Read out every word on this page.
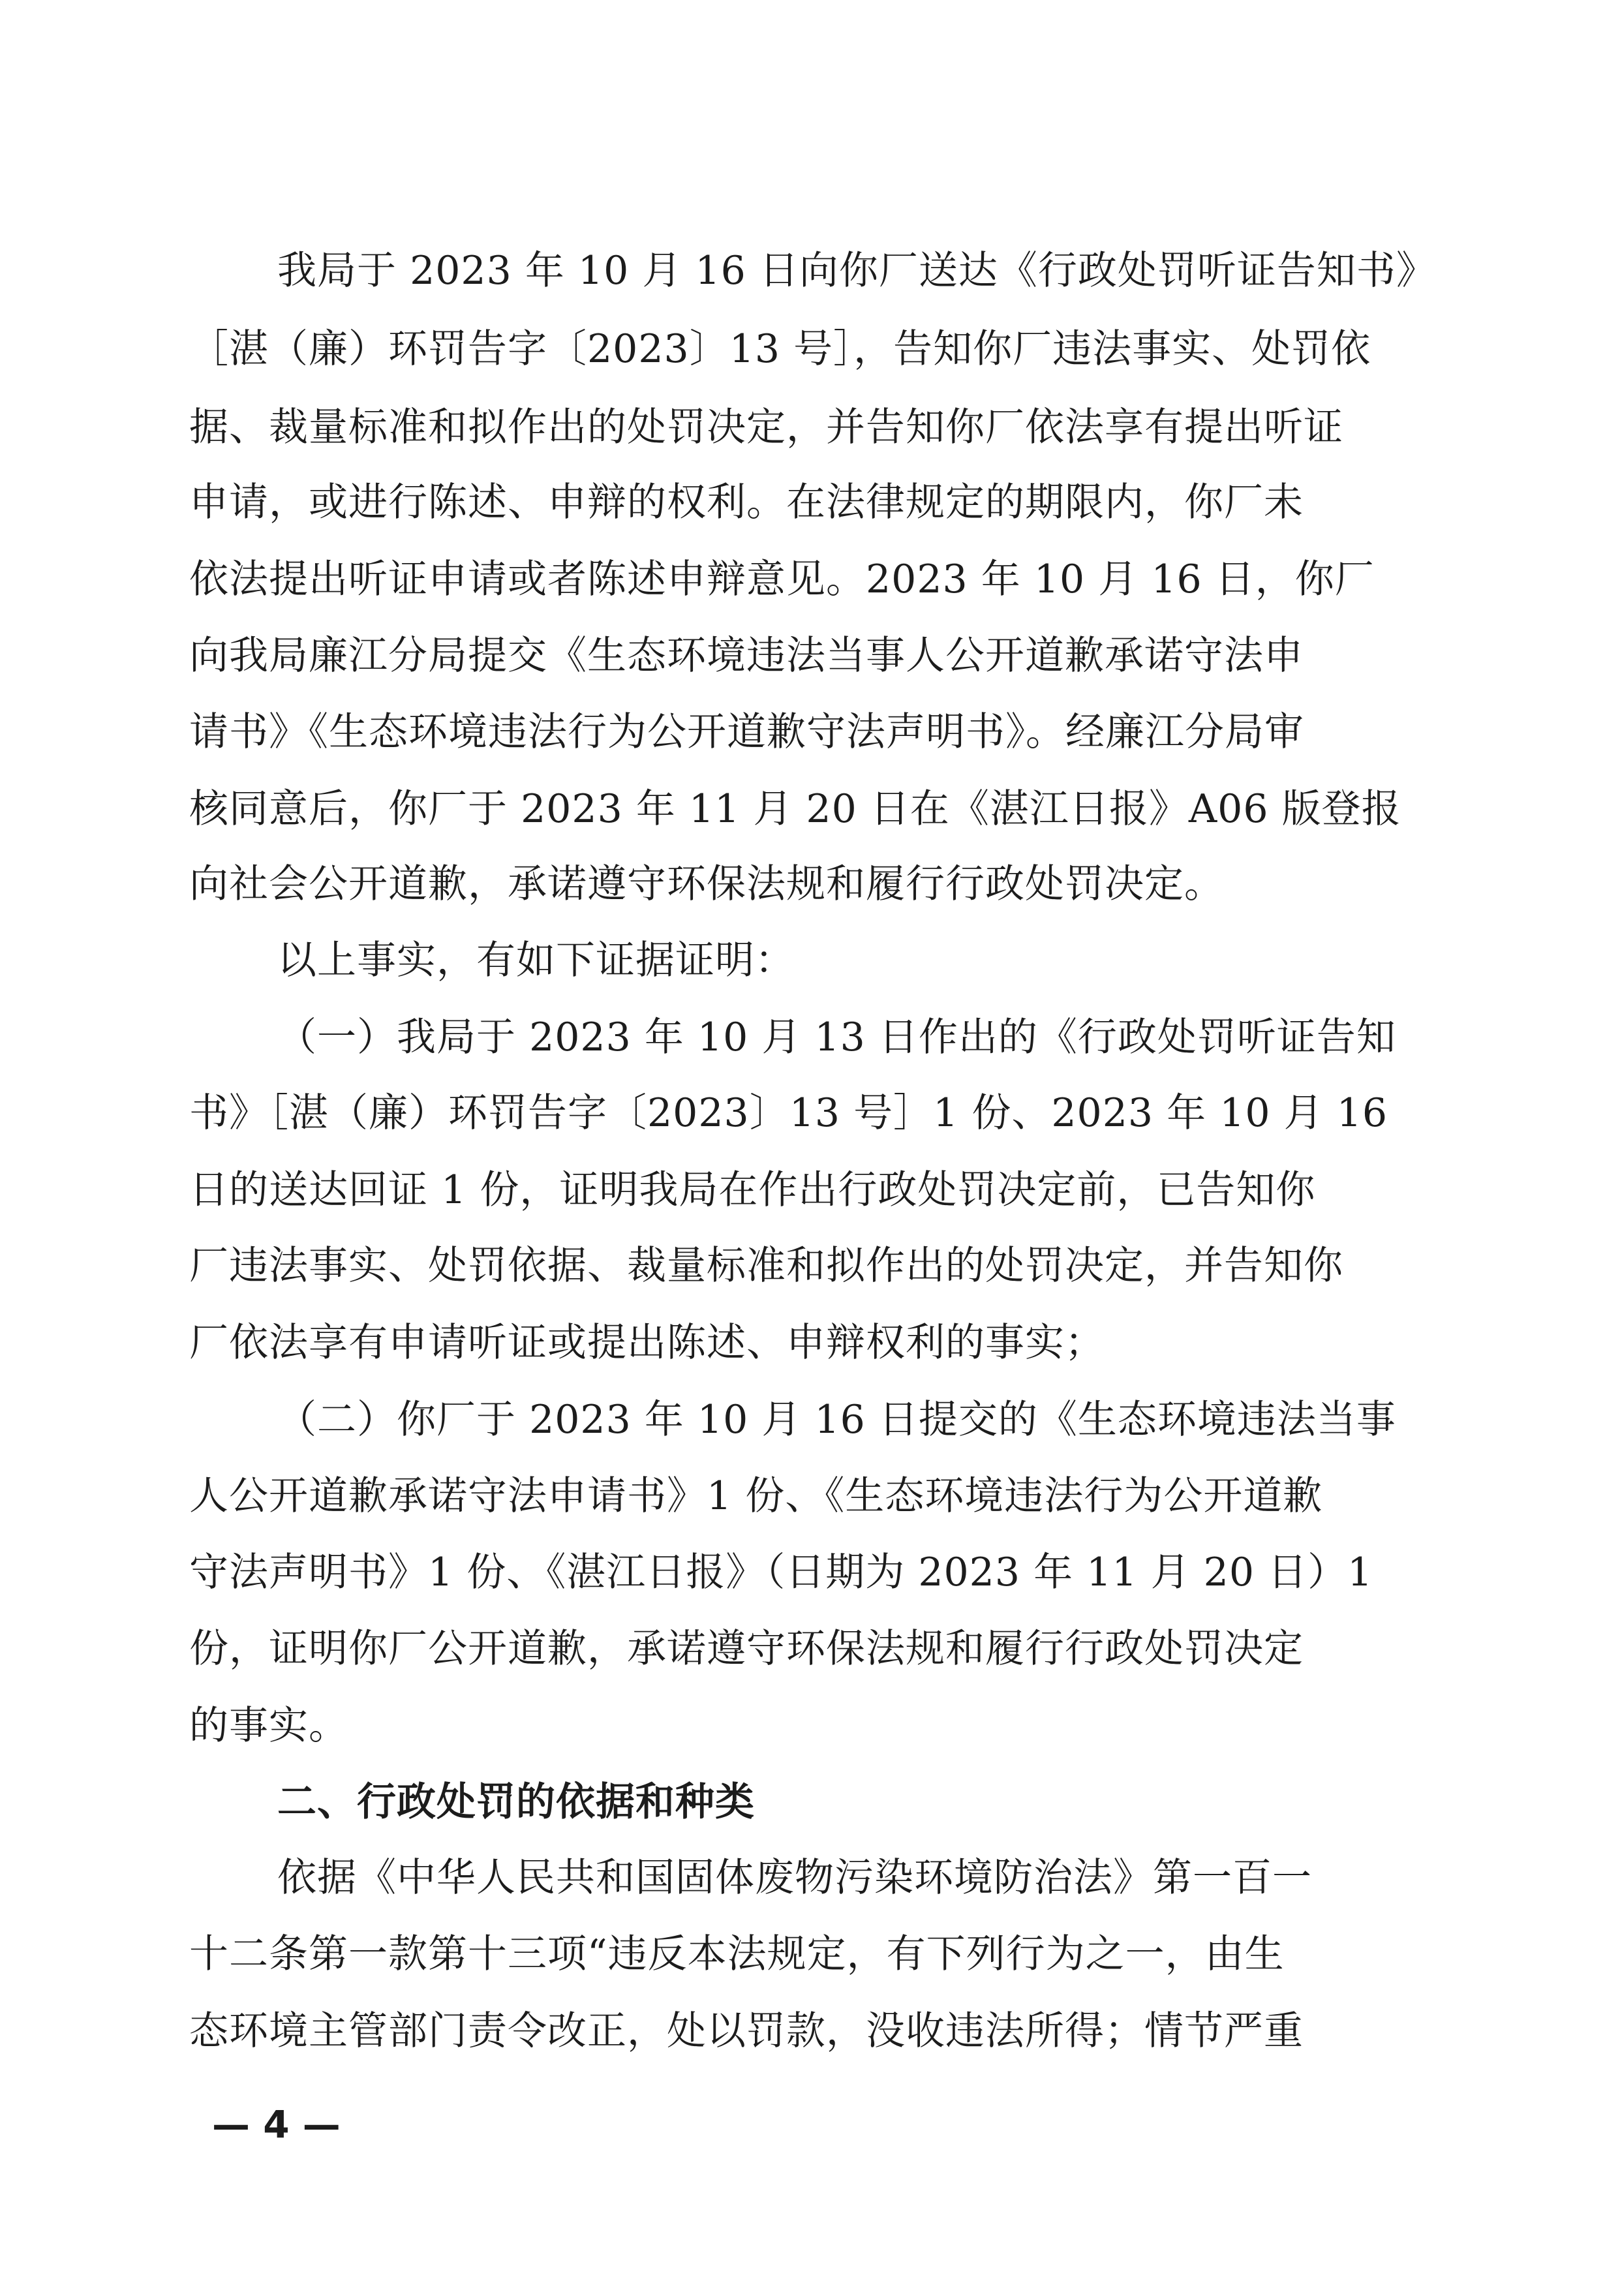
我局于 2023 年 10 月 16 日向你厂送达《行政处罚听证告知书》
［湛（廉）环罚告字〔2023〕13 号］，告知你厂违法事实、处罚依
据、裁量标准和拟作出的处罚决定，并告知你厂依法享有提出听证
申请，或进行陈述、申辩的权利。在法律规定的期限内，你厂未
依法提出听证申请或者陈述申辩意见。2023 年 10 月 16 日，你厂
向我局廉江分局提交《生态环境违法当事人公开道歉承诺守法申
请书》《生态环境违法行为公开道歉守法声明书》。经廉江分局审
核同意后，你厂于 2023 年 11 月 20 日在《湛江日报》A06 版登报
向社会公开道歉，承诺遵守环保法规和履行行政处罚决定。
以上事实，有如下证据证明：
（一）我局于 2023 年 10 月 13 日作出的《行政处罚听证告知
书》［湛（廉）环罚告字〔2023〕13 号］1 份、2023 年 10 月 16
日的送达回证 1 份，证明我局在作出行政处罚决定前，已告知你
厂违法事实、处罚依据、裁量标准和拟作出的处罚决定，并告知你
厂依法享有申请听证或提出陈述、申辩权利的事实；
（二）你厂于 2023 年 10 月 16 日提交的《生态环境违法当事
人公开道歉承诺守法申请书》1 份、《生态环境违法行为公开道歉
守法声明书》1 份、《湛江日报》（日期为 2023 年 11 月 20 日）1
份，证明你厂公开道歉，承诺遵守环保法规和履行行政处罚决定
的事实。
二、行政处罚的依据和种类
依据《中华人民共和国固体废物污染环境防治法》第一百一
十二条第一款第十三项“违反本法规定，有下列行为之一，由生
态环境主管部门责令改正，处以罚款，没收违法所得；情节严重
— 4 —
